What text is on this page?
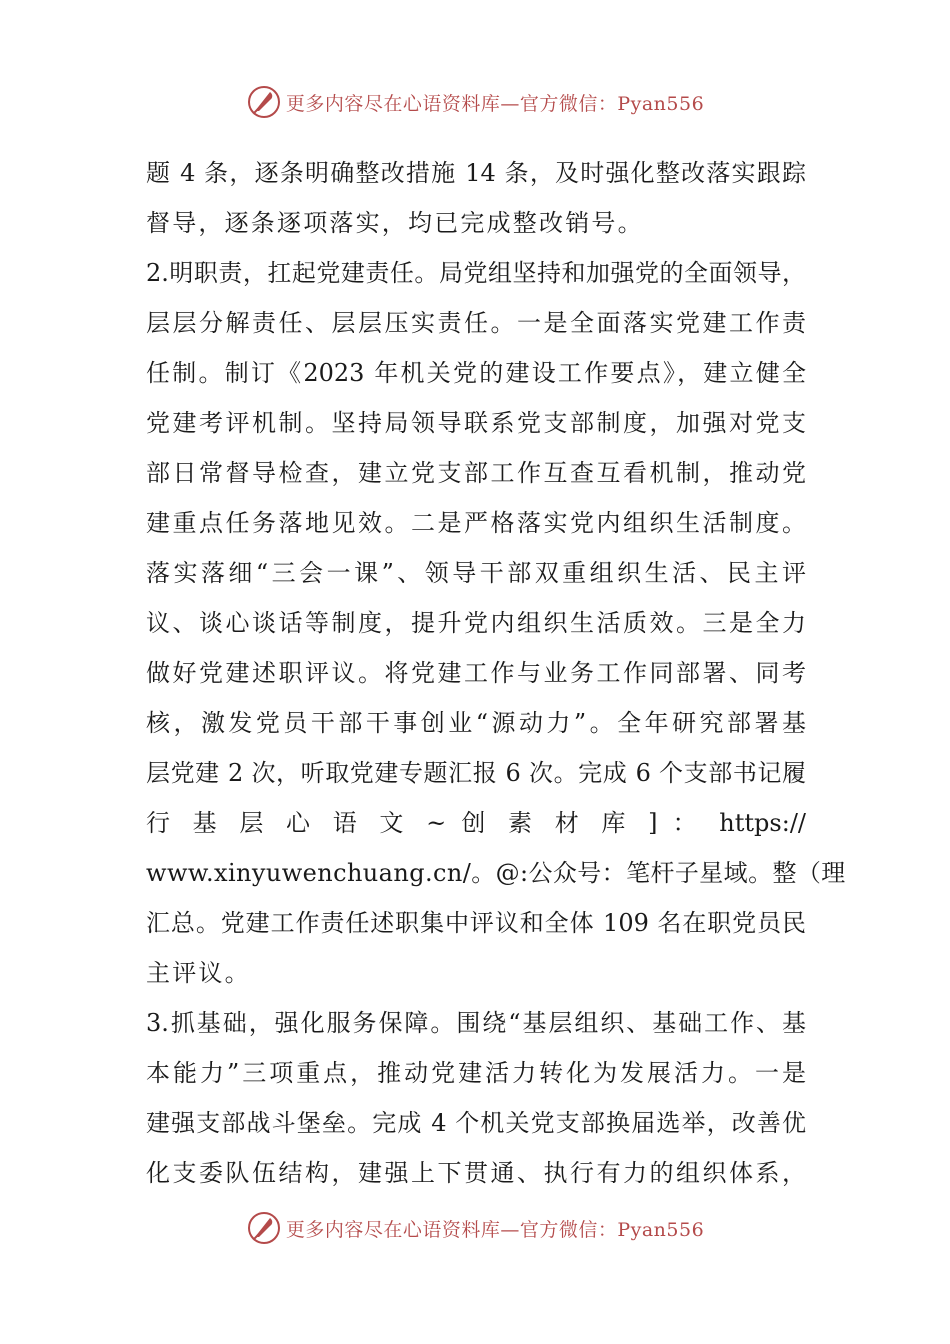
更多内容尽在心语资料库—官方微信：Pyan556
题 4 条，逐条明确整改措施 14 条，及时强化整改落实跟踪
督导，逐条逐项落实，均已完成整改销号。
2.明职责，扛起党建责任。局党组坚持和加强党的全面领导，
层层分解责任、层层压实责任。一是全面落实党建工作责
任制。制订《2023 年机关党的建设工作要点》，建立健全
党建考评机制。坚持局领导联系党支部制度，加强对党支
部日常督导检查，建立党支部工作互查互看机制，推动党
建重点任务落地见效。二是严格落实党内组织生活制度。
落实落细“三会一课”、领导干部双重组织生活、民主评
议、谈心谈话等制度，提升党内组织生活质效。三是全力
做好党建述职评议。将党建工作与业务工作同部署、同考
核，激发党员干部干事创业“源动力”。全年研究部署基
层党建 2 次，听取党建专题汇报 6 次。完成 6 个支部书记履
行 基 层 心 语 文 ~ 创 素 材 库 ] ： https://
www.xinyuwenchuang.cn/。@:公众号：笔杆子星域。整（理
汇总。党建工作责任述职集中评议和全体 109 名在职党员民
主评议。
3.抓基础，强化服务保障。围绕“基层组织、基础工作、基
本能力”三项重点，推动党建活力转化为发展活力。一是
建强支部战斗堡垒。完成 4 个机关党支部换届选举，改善优
化支委队伍结构，建强上下贯通、执行有力的组织体系，
更多内容尽在心语资料库—官方微信：Pyan556
